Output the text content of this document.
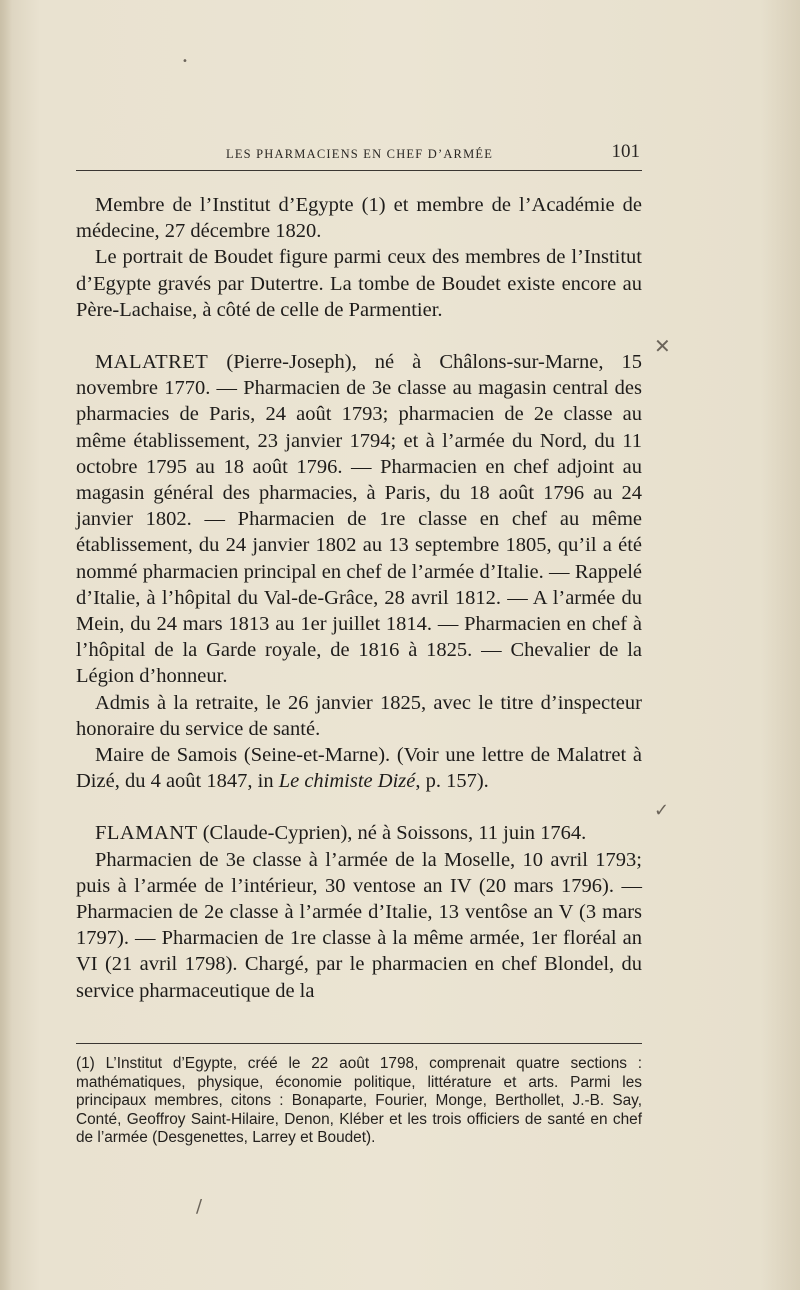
LES PHARMACIENS EN CHEF D’ARMÉE	101

Membre de l’Institut d’Egypte (1) et membre de l’Académie de médecine, 27 décembre 1820.

Le portrait de Boudet figure parmi ceux des membres de l’Institut d’Egypte gravés par Dutertre. La tombe de Boudet existe encore au Père-Lachaise, à côté de celle de Parmentier.

MALATRET (Pierre-Joseph), né à Châlons-sur-Marne, 15 novembre 1770. — Pharmacien de 3e classe au magasin central des pharmacies de Paris, 24 août 1793; pharmacien de 2e classe au même établissement, 23 janvier 1794; et à l’armée du Nord, du 11 octobre 1795 au 18 août 1796. — Pharmacien en chef adjoint au magasin général des pharmacies, à Paris, du 18 août 1796 au 24 janvier 1802. — Pharmacien de 1re classe en chef au même établissement, du 24 janvier 1802 au 13 septembre 1805, qu’il a été nommé pharmacien principal en chef de l’armée d’Italie. — Rappelé d’Italie, à l’hôpital du Val-de-Grâce, 28 avril 1812. — A l’armée du Mein, du 24 mars 1813 au 1er juillet 1814. — Pharmacien en chef à l’hôpital de la Garde royale, de 1816 à 1825. — Chevalier de la Légion d’honneur.

Admis à la retraite, le 26 janvier 1825, avec le titre d’inspecteur honoraire du service de santé.

Maire de Samois (Seine-et-Marne). (Voir une lettre de Malatret à Dizé, du 4 août 1847, in Le chimiste Dizé, p. 157).

FLAMANT (Claude-Cyprien), né à Soissons, 11 juin 1764.

Pharmacien de 3e classe à l’armée de la Moselle, 10 avril 1793; puis à l’armée de l’intérieur, 30 ventose an IV (20 mars 1796). — Pharmacien de 2e classe à l’armée d’Italie, 13 ventôse an V (3 mars 1797). — Pharmacien de 1re classe à la même armée, 1er floréal an VI (21 avril 1798). Chargé, par le pharmacien en chef Blondel, du service pharmaceutique de la

(1) L’Institut d’Egypte, créé le 22 août 1798, comprenait quatre sections : mathématiques, physique, économie politique, littérature et arts. Parmi les principaux membres, citons : Bonaparte, Fourier, Monge, Berthollet, J.-B. Say, Conté, Geoffroy Saint-Hilaire, Denon, Kléber et les trois officiers de santé en chef de l’armée (Desgenettes, Larrey et Boudet).

•
✕
✓
/
